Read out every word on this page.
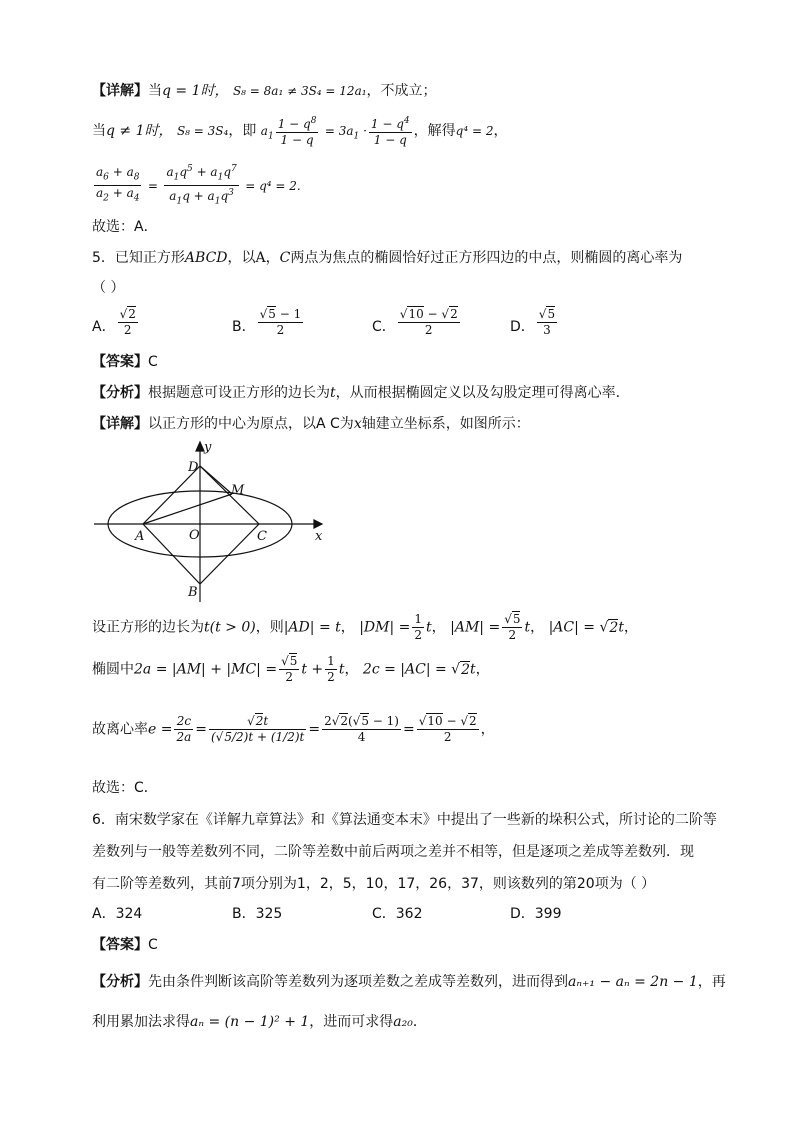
【详解】当q = 1时， S₈ = 8a₁ ≠ 3S₄ = 12a₁，不成立；
当q ≠ 1时， S₈ = 3S₄，即 $a_1 \frac{1 - q^8}{1 - q} = 3a_1 \cdot \frac{1 - q^4}{1 - q}$ ，解得q⁴ = 2，
$\frac{a_6 + a_8}{a_2 + a_4} = \frac{a_1q^5 + a_1q^7}{a_1q + a_1q^3} = q^4 = 2$.
故选：A．
5．已知正方形ABCD，以A，C两点为焦点的椭圆恰好过正方形四边的中点，则椭圆的离心率为
（ ）
A． $\frac{√2}{2}$	B． $\frac{√5 - 1}{2}$	C． $\frac{√10 - √2}{2}$	D． $\frac{√5}{3}$
【答案】C
【分析】根据题意可设正方形的边长为t，从而根据椭圆定义以及勾股定理可得离心率.
【详解】以正方形的中心为原点，以A C为x轴建立坐标系，如图所示：
y
D
M
A	O	C	x
B
设正方形的边长为t(t > 0)，则|AD| = t， $|DM| = \frac{1}{2}$ t， $|AM| = \frac{√5}{2}$ t， |AC| = √2t，
椭圆中$2a = |AM| + |MC| = \frac{√5}{2}$ $t + \frac{1}{2}$ t， 2c = |AC| = √2t，
故离心率$e = \frac{2c}{2a} = \frac{√2t}{(√5/2)t + (1/2)t} = \frac{2√2(√5 - 1)}{4} = \frac{√10 - √2}{2}$ ，
故选：C．
6．南宋数学家在《详解九章算法》和《算法通变本末》中提出了一些新的垛积公式，所讨论的二阶等
差数列与一般等差数列不同，二阶等差数中前后两项之差并不相等，但是逐项之差成等差数列．现
有二阶等差数列，其前7项分别为1，2，5，10，17，26，37，则该数列的第20项为（ ）
A．324	B．325	C．362	D．399
【答案】C
【分析】先由条件判断该高阶等差数列为逐项差数之差成等差数列，进而得到aₙ₊₁ − aₙ = 2n − 1，再
利用累加法求得aₙ = (n − 1)² + 1，进而可求得a₂₀．
